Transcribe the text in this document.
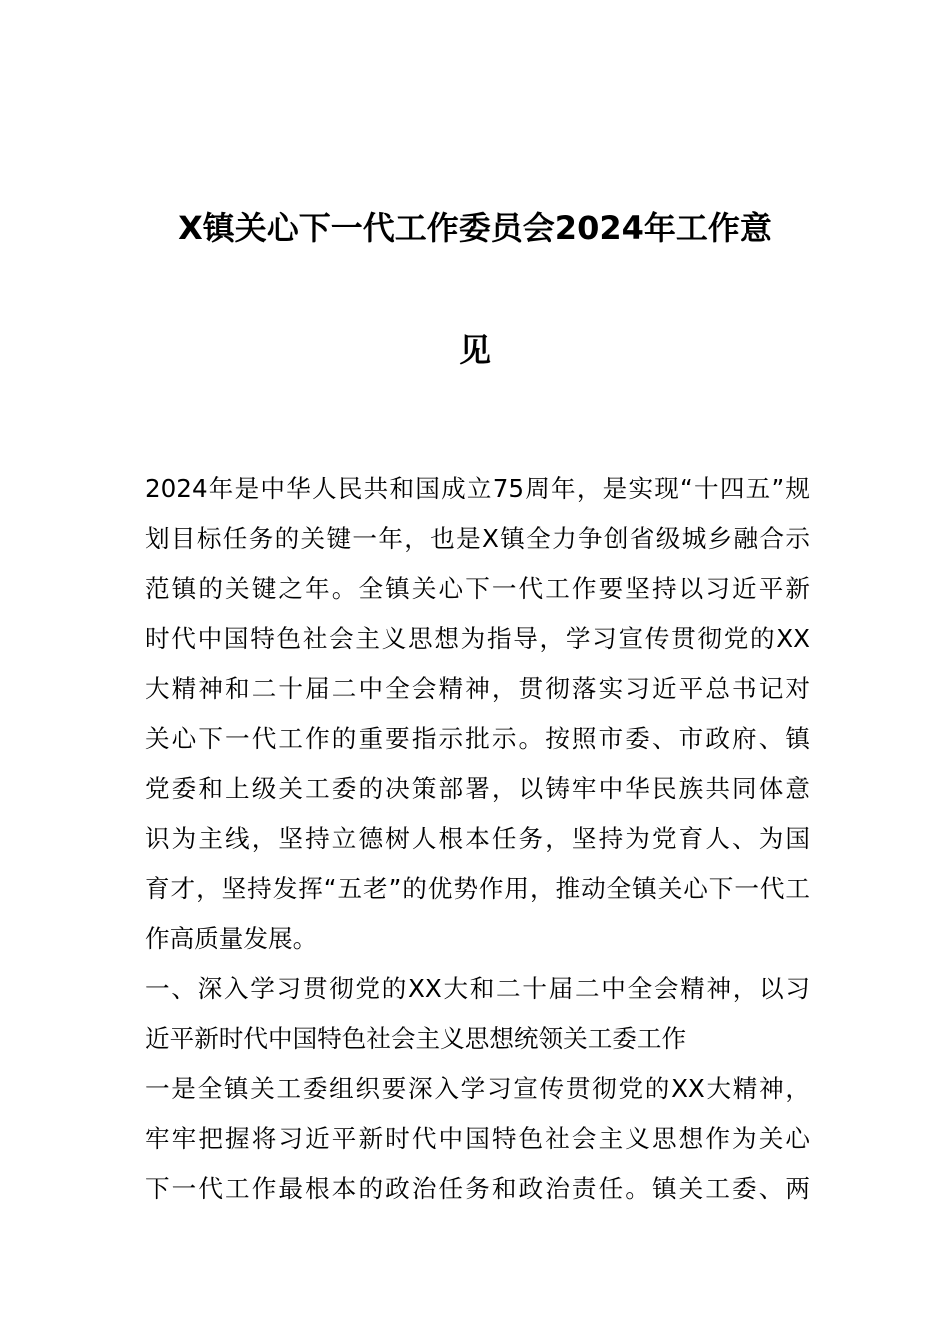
X镇关心下一代工作委员会2024年工作意
见
2024年是中华人民共和国成立75周年，是实现“十四五”规
划目标任务的关键一年，也是X镇全力争创省级城乡融合示
范镇的关键之年。全镇关心下一代工作要坚持以习近平新
时代中国特色社会主义思想为指导，学习宣传贯彻党的XX
大精神和二十届二中全会精神，贯彻落实习近平总书记对
关心下一代工作的重要指示批示。按照市委、市政府、镇
党委和上级关工委的决策部署，以铸牢中华民族共同体意
识为主线，坚持立德树人根本任务，坚持为党育人、为国
育才，坚持发挥“五老”的优势作用，推动全镇关心下一代工
作高质量发展。
一、深入学习贯彻党的XX大和二十届二中全会精神，以习
近平新时代中国特色社会主义思想统领关工委工作
一是全镇关工委组织要深入学习宣传贯彻党的XX大精神，
牢牢把握将习近平新时代中国特色社会主义思想作为关心
下一代工作最根本的政治任务和政治责任。镇关工委、两
